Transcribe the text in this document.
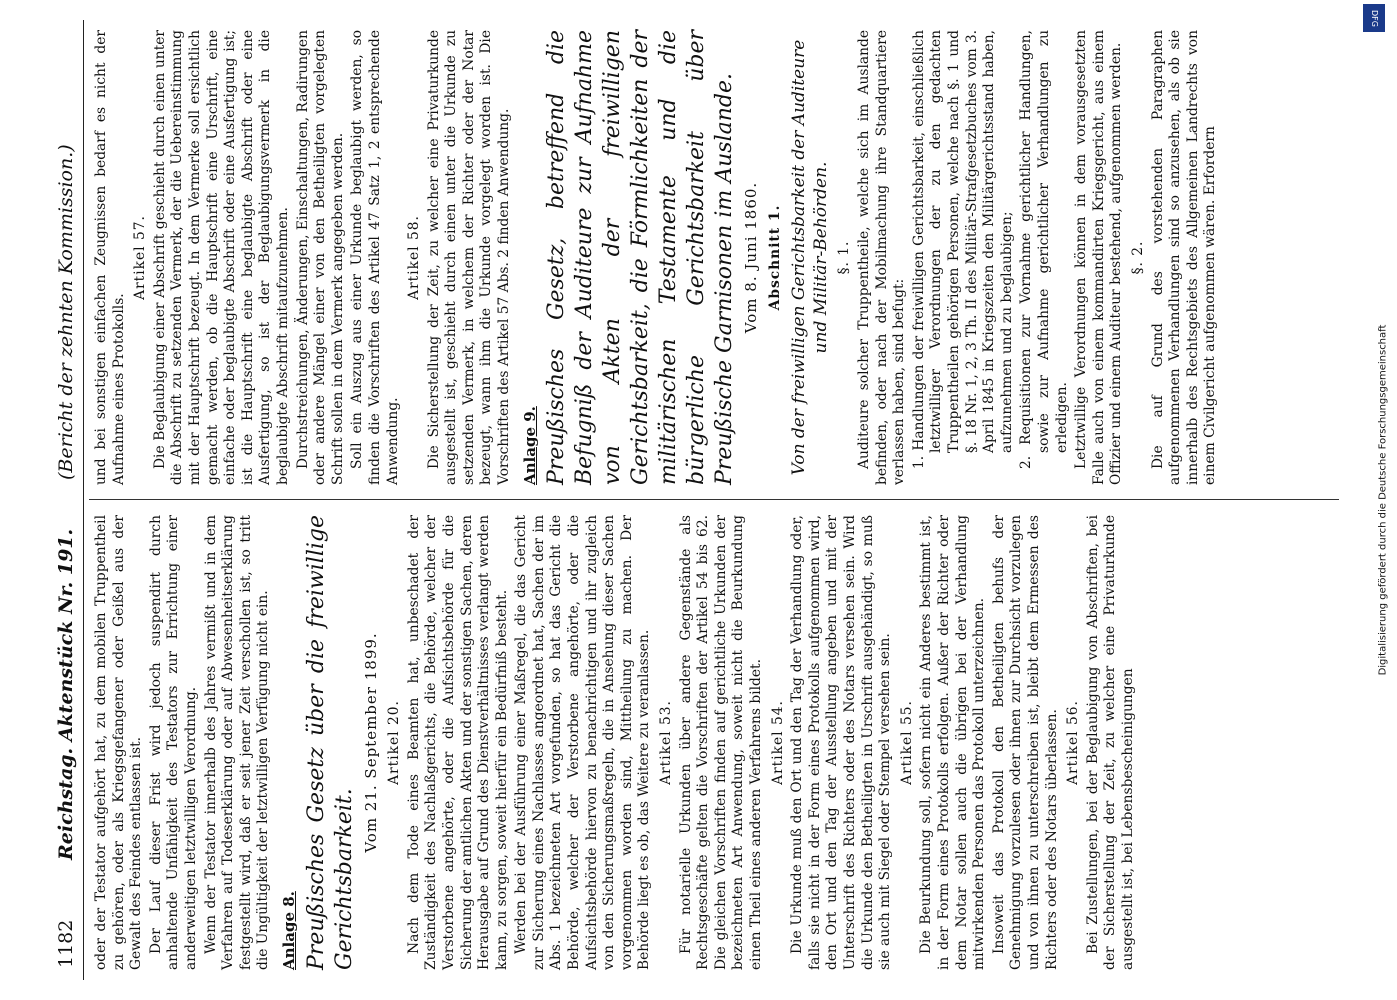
1182
Reichstag. Aktenstück Nr. 191.
(Bericht der zehnten Kommission.)

oder der Testator aufgehört hat, zu dem mobilen Truppentheil zu gehören, oder als Kriegsgefangener oder Geißel aus der Gewalt des Feindes entlassen ist. Der Lauf dieser Frist wird jedoch suspendirt durch anhaltende Unfähigkeit des Testators zur Errichtung einer anderweitigen letztwilligen Verordnung. Wenn der Testator innerhalb des Jahres vermißt und in dem Verfahren auf Todeserklärung oder auf Abwesenheitserklärung festgestellt wird, daß er seit jener Zeit verschollen ist, so tritt die Ungültigkeit der letztwilligen Verfügung nicht ein. Anlage 8. Preußisches Gesetz über die freiwillige Gerichtsbarkeit.
Vom 21. September 1899. Artikel 20. Nach dem Tode eines Beamten hat, unbeschadet der Zuständigkeit des Nachlaßgerichts, die Behörde, welcher der Verstorbene angehörte, oder die Aufsichtsbehörde für die Sicherung der amtlichen Akten und der sonstigen Sachen, deren Herausgabe auf Grund des Dienstverhältnisses verlangt werden kann, zu sorgen, soweit hierfür ein Bedürfniß besteht. Werden bei der Ausführung einer Maßregel, die das Gericht zur Sicherung eines Nachlasses angeordnet hat, Sachen der im Abs. 1 bezeichneten Art vorgefunden, so hat das Gericht die Behörde, welcher der Verstorbene angehörte, oder die Aufsichtsbehörde hiervon zu benachrichtigen und ihr zugleich von den Sicherungsmaßregeln, die in Ansehung dieser Sachen vorgenommen worden sind, Mittheilung zu machen. Der Behörde liegt es ob, das Weitere zu veranlassen. Artikel 53. Für notarielle Urkunden über andere Gegenstände als Rechtsgeschäfte gelten die Vorschriften der Artikel 54 bis 62. Die gleichen Vorschriften finden auf gerichtliche Urkunden der bezeichneten Art Anwendung, soweit nicht die Beurkundung einen Theil eines anderen Verfahrens bildet. Artikel 54. Die Urkunde muß den Ort und den Tag der Verhandlung oder, falls sie nicht in der Form eines Protokolls aufgenommen wird, den Ort und den Tag der Ausstellung angeben und mit der Unterschrift des Richters oder des Notars versehen sein. Wird die Urkunde den Betheiligten in Urschrift ausgehändigt, so muß sie auch mit Siegel oder Stempel versehen sein. Artikel 55. Die Beurkundung soll, sofern nicht ein Anderes bestimmt ist, in der Form eines Protokolls erfolgen. Außer der Richter oder dem Notar sollen auch die übrigen bei der Verhandlung mitwirkenden Personen das Protokoll unterzeichnen. Insoweit das Protokoll den Betheiligten behufs der Genehmigung vorzulesen oder ihnen zur Durchsicht vorzulegen und von ihnen zu unterschreiben ist, bleibt dem Ermessen des Richters oder des Notars überlassen. Artikel 56. Bei Zustellungen, bei der Beglaubigung von Abschriften, bei der Sicherstellung der Zeit, zu welcher eine Privaturkunde ausgestellt ist, bei Lebensbescheinigungen

und bei sonstigen einfachen Zeugnissen bedarf es nicht der Aufnahme eines Protokolls.

Artikel 57. Die Beglaubigung einer Abschrift geschieht durch einen unter die Abschrift zu setzenden Vermerk, der die Uebereinstimmung mit der Hauptschrift bezeugt. In dem Vermerke soll ersichtlich gemacht werden, ob die Hauptschrift eine Urschrift, eine einfache oder beglaubigte Abschrift oder eine Ausfertigung ist; ist die Hauptschrift eine beglaubigte Abschrift oder eine Ausfertigung, so ist der Beglaubigungsvermerk in die beglaubigte Abschrift mitaufzunehmen. Durchstreichungen, Änderungen, Einschaltungen, Radirungen oder andere Mängel einer von den Betheiligten vorgelegten Schrift sollen in dem Vermerk angegeben werden. Soll ein Auszug aus einer Urkunde beglaubigt werden, so finden die Vorschriften des Artikel 47 Satz 1, 2 entsprechende Anwendung.

Artikel 58. Die Sicherstellung der Zeit, zu welcher eine Privaturkunde ausgestellt ist, geschieht durch einen unter die Urkunde zu setzenden Vermerk, in welchem der Richter oder der Notar bezeugt, wann ihm die Urkunde vorgelegt worden ist. Die Vorschriften des Artikel 57 Abs. 2 finden Anwendung. Anlage 9. Preußisches Gesetz, betreffend die Befugniß der Auditeure zur Aufnahme von Akten der freiwilligen Gerichtsbarkeit, die Förmlichkeiten der militärischen Testamente und die bürgerliche Gerichtsbarkeit über Preußische Garnisonen im Auslande. Vom 8. Juni 1860. Abschnitt 1. Von der freiwilligen Gerichtsbarkeit der Auditeure und Militär-Behörden. §. 1. Auditeure solcher Truppentheile, welche sich im Auslande befinden, oder nach der Mobilmachung ihre Standquartiere verlassen haben, sind befugt: 1. Handlungen der freiwilligen Gerichtsbarkeit, einschließlich letztwilliger Verordnungen der zu den gedachten Truppentheilen gehörigen Personen, welche nach §. 1 und §. 18 Nr. 1, 2, 3 Th. II des Militär-Strafgesetzbuches vom 3. April 1845 in Kriegszeiten den Militärgerichtsstand haben, aufzunehmen und zu beglaubigen; 2. Requisitionen zur Vornahme gerichtlicher Handlungen, sowie zur Aufnahme gerichtlicher Verhandlungen zu erledigen. Letztwillige Verordnungen können in dem vorausgesetzten Falle auch von einem kommandirten Kriegsgericht, aus einem Offizier und einem Auditeur bestehend, aufgenommen werden. §. 2. Die auf Grund des vorstehenden Paragraphen aufgenommenen Verhandlungen sind so anzusehen, als ob sie innerhalb des Rechtsgebiets des Allgemeinen Landrechts von einem Civilgericht aufgenommen wären. Erfordern

DFG
Digitalisierung gefördert durch die Deutsche Forschungsgemeinschaft
